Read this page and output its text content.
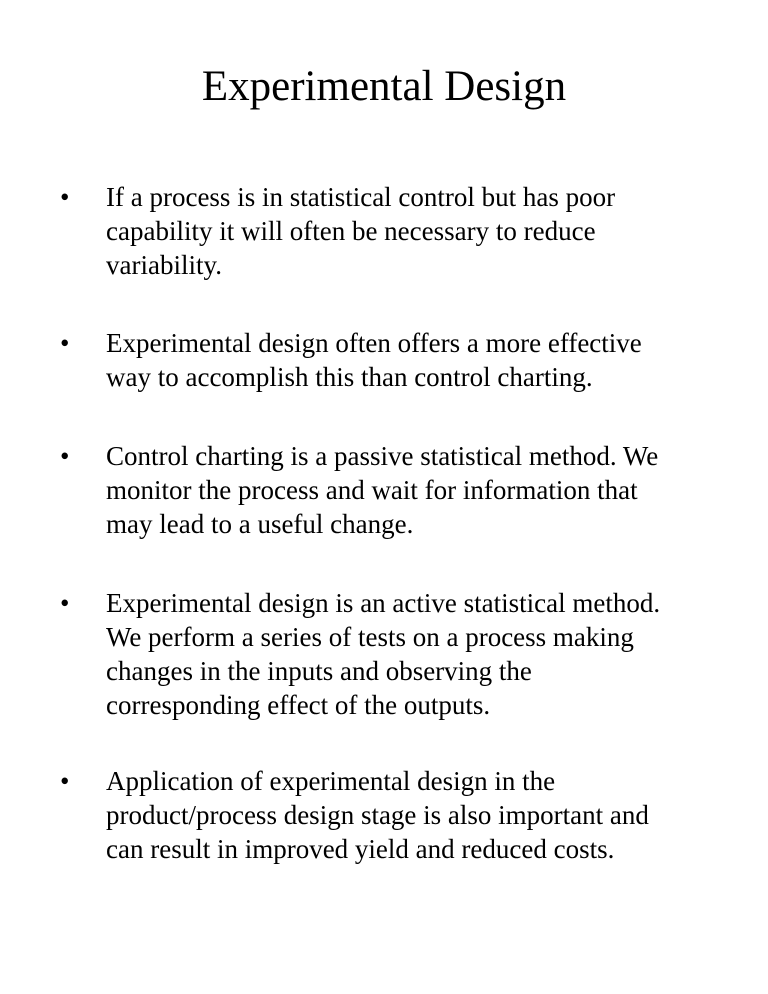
Experimental Design
• If a process is in statistical control but has poor
capability it will often be necessary to reduce
variability.
• Experimental design often offers a more effective
way to accomplish this than control charting.
• Control charting is a passive statistical method. We
monitor the process and wait for information that
may lead to a useful change.
• Experimental design is an active statistical method.
We perform a series of tests on a process making
changes in the inputs and observing the
corresponding effect of the outputs.
• Application of experimental design in the
product/process design stage is also important and
can result in improved yield and reduced costs.
